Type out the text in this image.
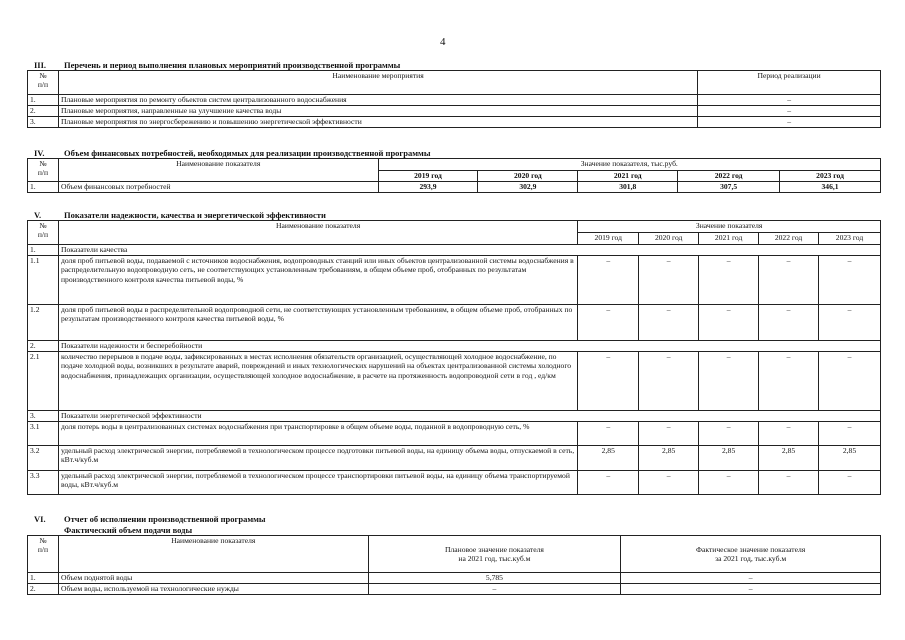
4
III. Перечень и период выполнения плановых мероприятий производственной программы
№
п/п	Наименование мероприятия	Период реализации
1.	Плановые мероприятия по ремонту объектов систем централизованного водоснабжения	–
2.	Плановые мероприятия, направленные на улучшение качества воды	–
3.	Плановые мероприятия по энергосбережению и повышению энергетической эффективности	–
IV. Объем финансовых потребностей, необходимых для реализации производственной программы
№
п/п	Наименование показателя	Значение показателя, тыс.руб.				
		2019 год	2020 год	2021 год	2022 год	2023 год
1.	Объем финансовых потребностей	293,9	302,9	301,8	307,5	346,1
V.	Показатели надежности, качества и энергетической эффективности
№
п/п	Наименование показателя	Значение показателя				
		2019 год	2020 год	2021 год	2022 год	2023 год
1.	Показатели качества					
1.1	доля проб питьевой воды, подаваемой с источников водоснабжения, водопроводных станций или иных объектов централизованной системы водоснабжения в распределительную водопроводную сеть, не соответствующих установленным требованиям, в общем объеме проб, отобранных по результатам производственного контроля качества питьевой воды, %	–	–	–	–	–
1.2	доля проб питьевой воды в распределительной водопроводной сети, не соответствующих установленным требованиям, в общем объеме проб, отобранных по результатам производственного контроля качества питьевой воды, %	–	–	–	–	–
2.	Показатели надежности и бесперебойности					
2.1	количество перерывов в подаче воды, зафиксированных в местах исполнения обязательств организацией, осуществляющей холодное водоснабжение, по подаче холодной воды, возникших в результате аварий, повреждений и иных технологических нарушений на объектах централизованной системы холодного водоснабжения, принадлежащих организации, осуществляющей холодное водоснабжение, в расчете на протяженность водопроводной сети в год , ед/км	–	–	–	–	–
3.	Показатели энергетической эффективности					
3.1	доля потерь воды в централизованных системах водоснабжения при транспортировке в общем объеме воды, поданной в водопроводную сеть, %	–	–	–	–	–
3.2	удельный расход электрической энергии, потребляемой в технологическом процессе подготовки питьевой воды, на единицу объема воды, отпускаемой в сеть, кВт.ч/куб.м	2,85	2,85	2,85	2,85	2,85
3.3	удельный расход электрической энергии, потребляемой в технологическом процессе транспортировки питьевой воды, на единицу объема транспортируемой воды, кВт.ч/куб.м	–	–	–	–	–
VI. Отчет об исполнении производственной программы
Фактический объем подачи воды
№
п/п	Наименование показателя	Плановое значение показателя
на 2021 год, тыс.куб.м	Фактическое значение показателя
за 2021 год, тыс.куб.м
1.	Объем поднятой воды	5,785	–
2.	Объем воды, используемой на технологические нужды	–	–
